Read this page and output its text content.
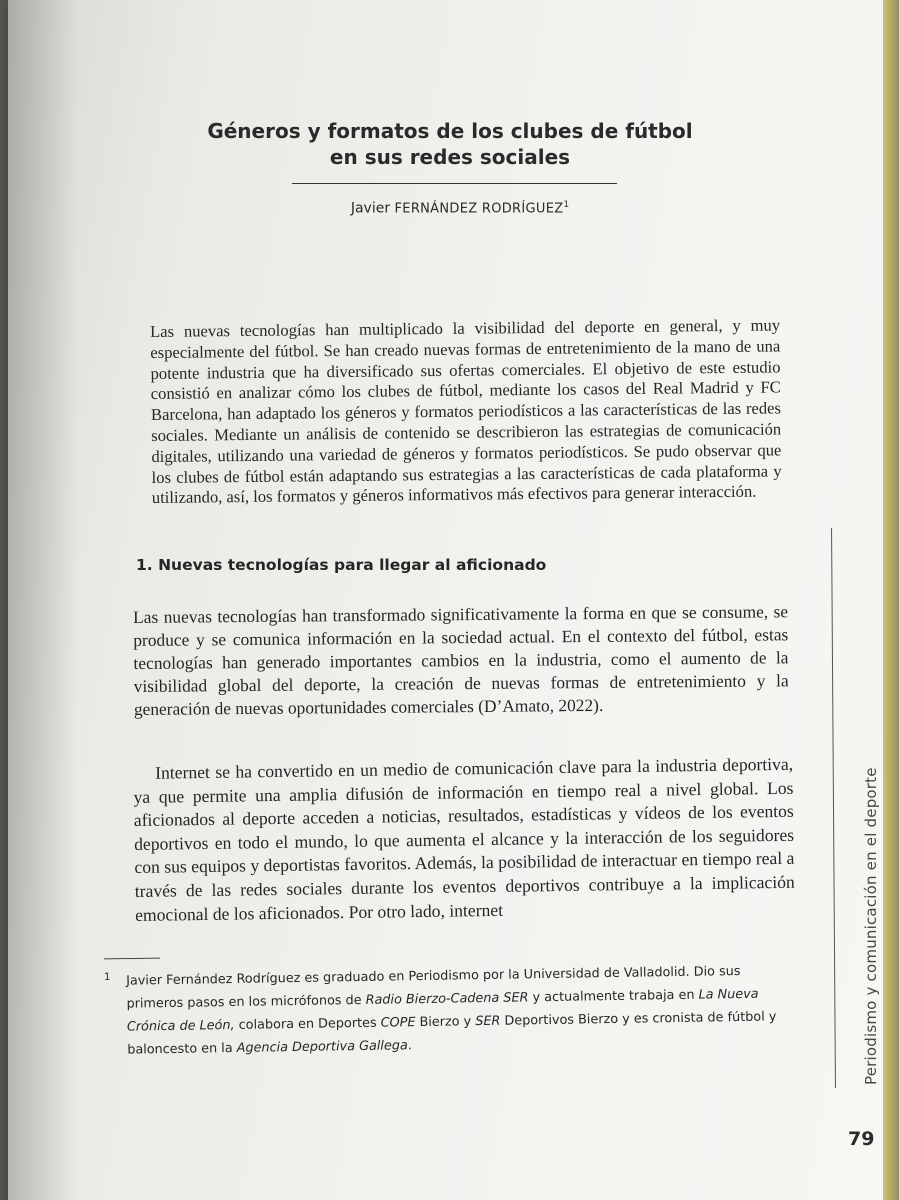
Géneros y formatos de los clubes de fútbol
en sus redes sociales
Javier FERNÁNDEZ RODRÍGUEZ$^1$

Las nuevas tecnologías han multiplicado la visibilidad del deporte en general, y muy especialmente del fútbol. Se han creado nuevas formas de entretenimiento de la mano de una potente industria que ha diversificado sus ofertas comerciales. El objetivo de este estudio consistió en analizar cómo los clubes de fútbol, mediante los casos del Real Madrid y FC Barcelona, han adaptado los géneros y formatos periodísticos a las características de las redes sociales. Mediante un análisis de contenido se describieron las estrategias de comunicación digitales, utilizando una variedad de géneros y formatos periodísticos. Se pudo observar que los clubes de fútbol están adaptando sus estrategias a las características de cada plataforma y utilizando, así, los formatos y géneros informativos más efectivos para generar interacción.

1. Nuevas tecnologías para llegar al aficionado

Las nuevas tecnologías han transformado significativamente la forma en que se consume, se produce y se comunica información en la sociedad actual. En el contexto del fútbol, estas tecnologías han generado importantes cambios en la industria, como el aumento de la visibilidad global del deporte, la creación de nuevas formas de entretenimiento y la generación de nuevas oportunidades comerciales (D’Amato, 2022).

Internet se ha convertido en un medio de comunicación clave para la industria deportiva, ya que permite una amplia difusión de información en tiempo real a nivel global. Los aficionados al deporte acceden a noticias, resultados, estadísticas y vídeos de los eventos deportivos en todo el mundo, lo que aumenta el alcance y la interacción de los seguidores con sus equipos y deportistas favoritos. Además, la posibilidad de interactuar en tiempo real a través de las redes sociales durante los eventos deportivos contribuye a la implicación emocional de los aficionados. Por otro lado, internet

1 Javier Fernández Rodríguez es graduado en Periodismo por la Universidad de Valladolid. Dio sus primeros pasos en los micrófonos de Radio Bierzo-Cadena SER y actualmente trabaja en La Nueva Crónica de León, colabora en Deportes COPE Bierzo y SER Deportivos Bierzo y es cronista de fútbol y baloncesto en la Agencia Deportiva Gallega.	Periodismo y comunicación en el deporte
79
